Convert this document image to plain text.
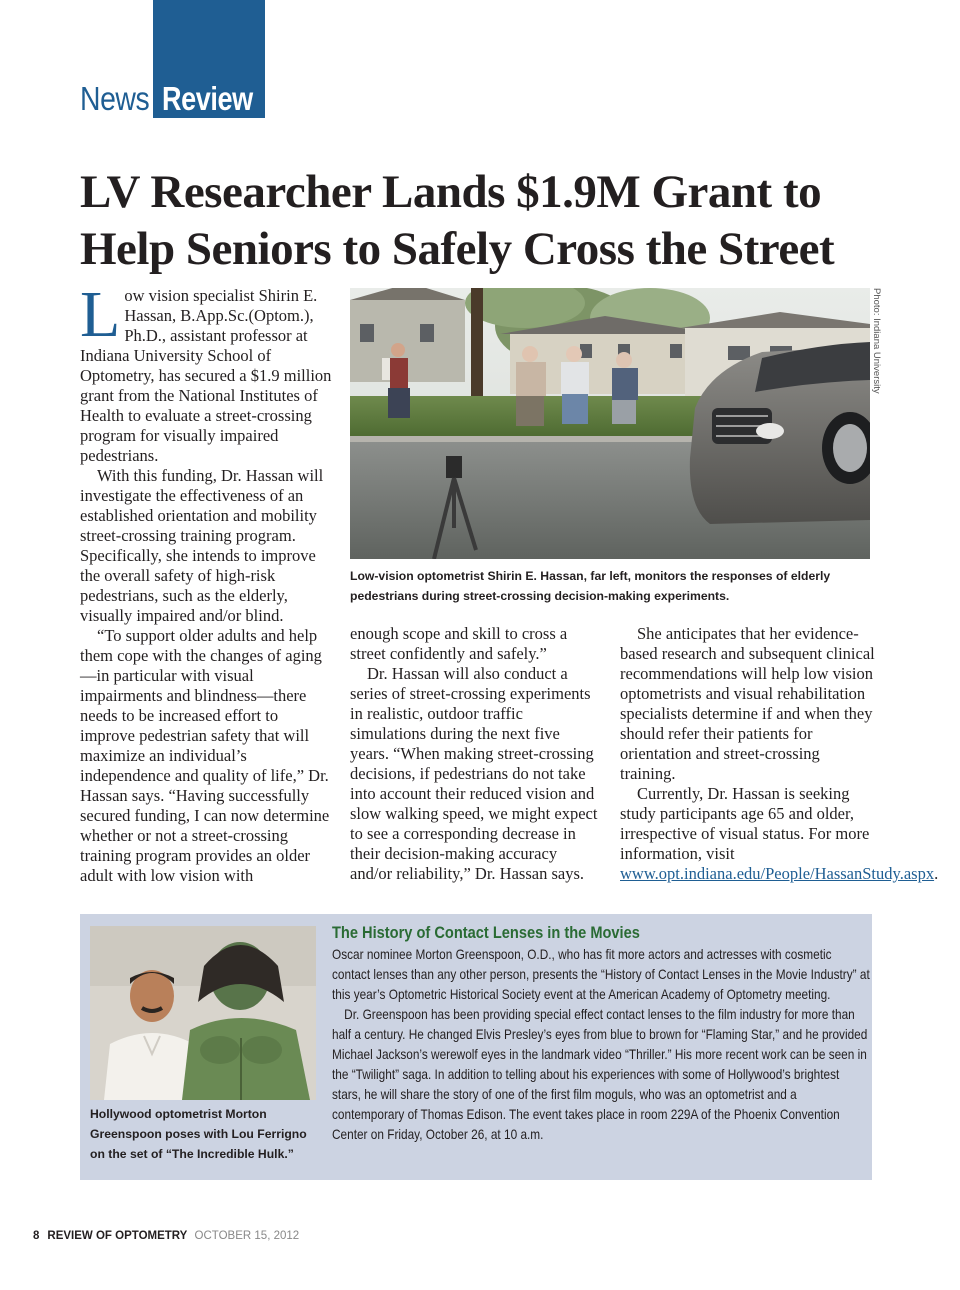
News Review
LV Researcher Lands $1.9M Grant to Help Seniors to Safely Cross the Street

Low vision specialist Shirin E. Hassan, B.App.Sc.(Optom.), Ph.D., assistant professor at Indiana University School of Optometry, has secured a $1.9 million grant from the National Institutes of Health to evaluate a street-crossing program for visually impaired pedestrians.

With this funding, Dr. Hassan will investigate the effectiveness of an established orientation and mobility street-crossing training program. Specifically, she intends to improve the overall safety of high-risk pedestrians, such as the elderly, visually impaired and/or blind.

“To support older adults and help them cope with the changes of aging—in particular with visual impairments and blindness—there needs to be increased effort to improve pedestrian safety that will maximize an individual’s independence and quality of life,” Dr. Hassan says. “Having successfully secured funding, I can now determine whether or not a street-crossing training program provides an older adult with low vision with

Photo: Indiana University
Low-vision optometrist Shirin E. Hassan, far left, monitors the responses of elderly pedestrians during street-crossing decision-making experiments.

enough scope and skill to cross a street confidently and safely.”

Dr. Hassan will also conduct a series of street-crossing experiments in realistic, outdoor traffic simulations during the next five years. “When making street-crossing decisions, if pedestrians do not take into account their reduced vision and slow walking speed, we might expect to see a corresponding decrease in their decision-making accuracy and/or reliability,” Dr. Hassan says.

She anticipates that her evidence-based research and subsequent clinical recommendations will help low vision optometrists and visual rehabilitation specialists determine if and when they should refer their patients for orientation and street-crossing training.

Currently, Dr. Hassan is seeking study participants age 65 and older, irrespective of visual status. For more information, visit www.opt.indiana.edu/People/HassanStudy.aspx.

Hollywood optometrist Morton Greenspoon poses with Lou Ferrigno on the set of “The Incredible Hulk.”
The History of Contact Lenses in the Movies

Oscar nominee Morton Greenspoon, O.D., who has fit more actors and actresses with cosmetic contact lenses than any other person, presents the “History of Contact Lenses in the Movie Industry” at this year’s Optometric Historical Society event at the American Academy of Optometry meeting.

Dr. Greenspoon has been providing special effect contact lenses to the film industry for more than half a century. He changed Elvis Presley’s eyes from blue to brown for “Flaming Star,” and he provided Michael Jackson’s werewolf eyes in the landmark video “Thriller.” His more recent work can be seen in the “Twilight” saga. In addition to telling about his experiences with some of Hollywood’s brightest stars, he will share the story of one of the first film moguls, who was an optometrist and a contemporary of Thomas Edison. The event takes place in room 229A of the Phoenix Convention Center on Friday, October 26, at 10 a.m.

8 REVIEW OF OPTOMETRY OCTOBER 15, 2012
